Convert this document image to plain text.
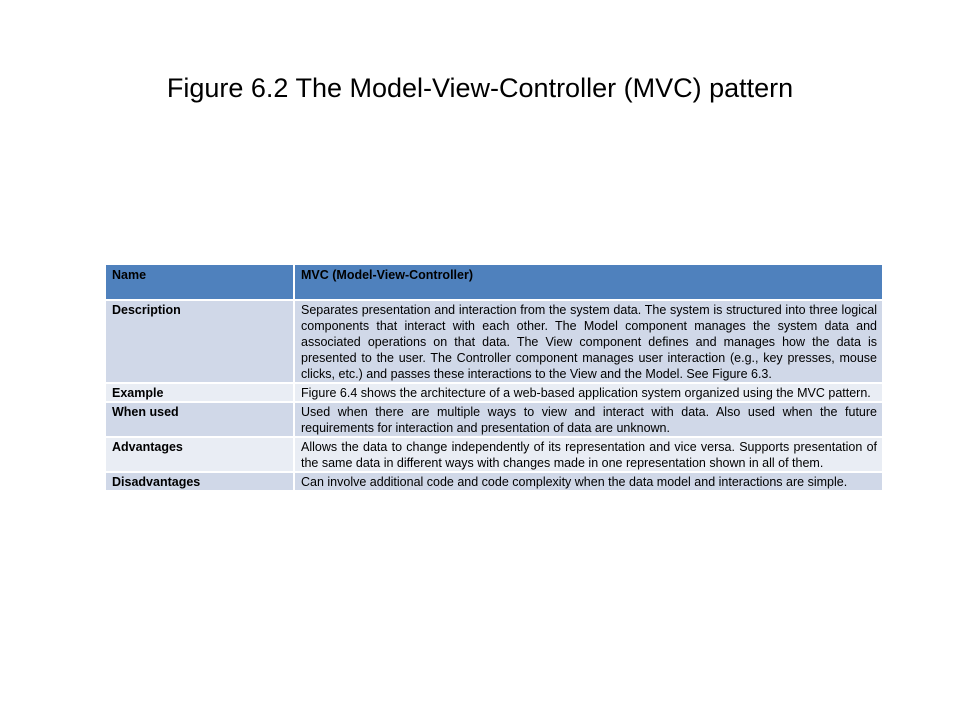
Figure 6.2 The Model-View-Controller (MVC) pattern
Name	MVC (Model-View-Controller)
Description	Separates presentation and interaction from the system data. The system is structured into three logical components that interact with each other. The Model component manages the system data and associated operations on that data. The View component defines and manages how the data is presented to the user. The Controller component manages user interaction (e.g., key presses, mouse clicks, etc.) and passes these interactions to the View and the Model. See Figure 6.3.
Example	Figure 6.4 shows the architecture of a web-based application system organized using the MVC pattern.
When used	Used when there are multiple ways to view and interact with data. Also used when the future requirements for interaction and presentation of data are unknown.
Advantages	Allows the data to change independently of its representation and vice versa. Supports presentation of the same data in different ways with changes made in one representation shown in all of them.
Disadvantages	Can involve additional code and code complexity when the data model and interactions are simple.
